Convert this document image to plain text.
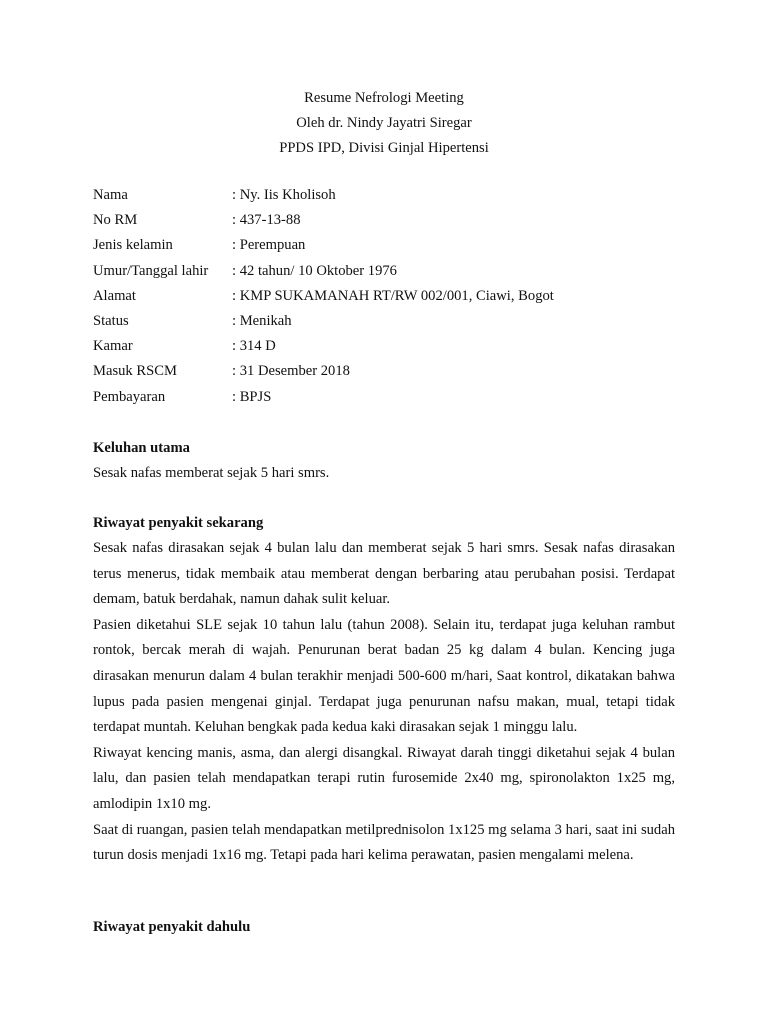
Resume Nefrologi Meeting
Oleh dr. Nindy Jayatri Siregar
PPDS IPD, Divisi Ginjal Hipertensi
Nama	: Ny. Iis Kholisoh
No RM	: 437-13-88
Jenis kelamin	: Perempuan
Umur/Tanggal lahir : 42 tahun/ 10 Oktober 1976
Alamat	: KMP SUKAMANAH RT/RW 002/001, Ciawi, Bogot
Status	: Menikah
Kamar	: 314 D
Masuk RSCM	: 31 Desember 2018
Pembayaran	: BPJS
Keluhan utama
Sesak nafas memberat sejak 5 hari smrs.
Riwayat penyakit sekarang

Sesak nafas dirasakan sejak 4 bulan lalu dan memberat sejak 5 hari smrs. Sesak nafas dirasakan terus menerus, tidak membaik atau memberat dengan berbaring atau perubahan posisi. Terdapat demam, batuk berdahak, namun dahak sulit keluar.

Pasien diketahui SLE sejak 10 tahun lalu (tahun 2008). Selain itu, terdapat juga keluhan rambut rontok, bercak merah di wajah. Penurunan berat badan 25 kg dalam 4 bulan. Kencing juga dirasakan menurun dalam 4 bulan terakhir menjadi 500-600 m/hari, Saat kontrol, dikatakan bahwa lupus pada pasien mengenai ginjal. Terdapat juga penurunan nafsu makan, mual, tetapi tidak terdapat muntah. Keluhan bengkak pada kedua kaki dirasakan sejak 1 minggu lalu.

Riwayat kencing manis, asma, dan alergi disangkal. Riwayat darah tinggi diketahui sejak 4 bulan lalu, dan pasien telah mendapatkan terapi rutin furosemide 2x40 mg, spironolakton 1x25 mg, amlodipin 1x10 mg.

Saat di ruangan, pasien telah mendapatkan metilprednisolon 1x125 mg selama 3 hari, saat ini sudah turun dosis menjadi 1x16 mg. Tetapi pada hari kelima perawatan, pasien mengalami melena.

Riwayat penyakit dahulu
